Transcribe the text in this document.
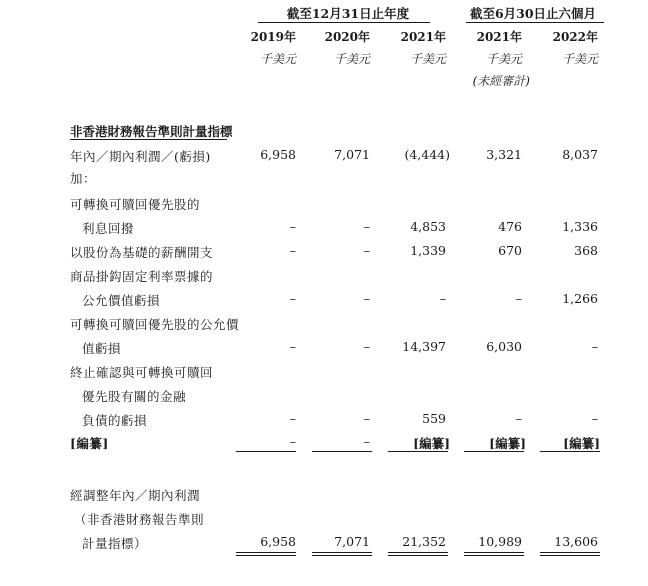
截至12月31日止年度	截至6月30日止六個月
2019年 2020年	2021年	2021年	2022年
千美元	千美元	千美元	千美元	千美元
(未經審計)
非香港財務報告準則計量指標
年內／期內利潤／(虧損)	6,958	7,071	(4,444)	3,321	8,037
加：
可轉換可贖回優先股的
利息回撥	–	–	4,853	476	1,336
以股份為基礎的薪酬開支	–	–	1,339	670	368
商品掛鈎固定利率票據的
公允價值虧損	–	–	–	–	1,266
可轉換可贖回優先股的公允價
值虧損	–	–	14,397	6,030	–
終止確認與可轉換可贖回
優先股有關的金融
負債的虧損	–	–	559	–	–
[編纂]	–	–	[編纂]	[編纂]	[編纂]
經調整年內／期內利潤
（非香港財務報告準則
計量指標）	6,958	7,071	21,352	10,989	13,606
